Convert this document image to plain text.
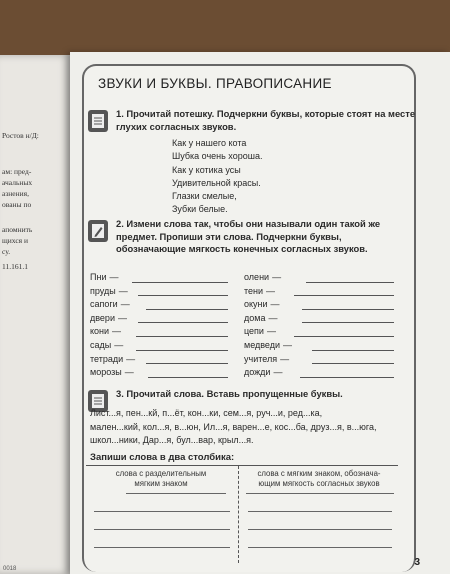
Ростов н/Д:
ам: пред-
ачальных
азнения,
ованы по
апомнить
щихся и
су.
11.161.1
0018
ЗВУКИ И БУКВЫ. ПРАВОПИСАНИЕ
1. Прочитай потешку. Подчеркни буквы, которые стоят на месте глухих согласных звуков.
Как у нашего кота
Шубка очень хороша.
Как у котика усы
Удивительной красы.
Глазки смелые,
Зубки белые.
2. Измени слова так, чтобы они называли один такой же предмет. Пропиши эти слова. Подчеркни буквы, обозначающие мягкость конечных согласных звуков.
Пни —
пруды —
сапоги —
двери —
кони —
сады —
тетради —
морозы —
олени —
тени —
окуни —
дома —
цепи —
медведи —
учителя —
дожди —
3. Прочитай слова. Вставь пропущенные буквы.
Лист...я, пен...кй, п...ёт, кон...ки, сем...я, руч...и, ред...ка,
мален...кий, кол...я, в...юн, Ил...я, варен...е, кос...ба, друз...я, в...юга,
школ...ники, Дар...я, бул...вар, крыл...я.
Запиши слова в два столбика:
слова с разделительным
мягким знаком
слова с мягким знаком, обознача-
ющим мягкость согласных звуков
3
